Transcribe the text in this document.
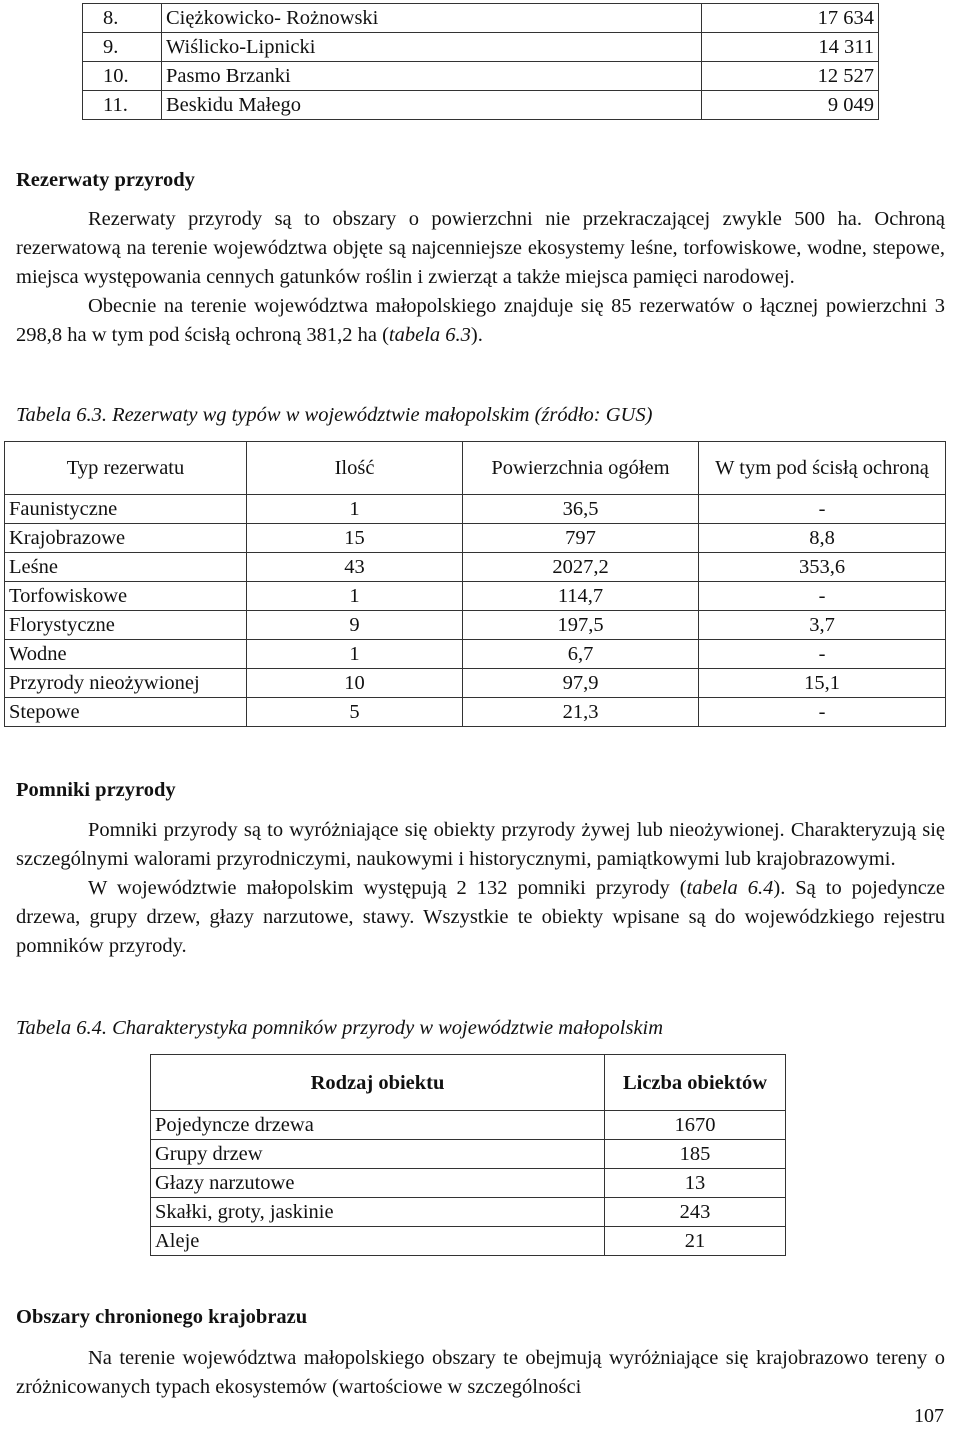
8.	Ciężkowicko- Rożnowski	17 634
9.	Wiślicko-Lipnicki	14 311
10.	Pasmo Brzanki	12 527
11.	Beskidu Małego	9 049
Rezerwaty przyrody

Rezerwaty przyrody są to obszary o powierzchni nie przekraczającej zwykle 500 ha. Ochroną rezerwatową na terenie województwa objęte są najcenniejsze ekosystemy leśne, torfowiskowe, wodne, stepowe, miejsca występowania cennych gatunków roślin i zwierząt a także miejsca pamięci narodowej.

Obecnie na terenie województwa małopolskiego znajduje się 85 rezerwatów o łącznej powierzchni 3 298,8 ha w tym pod ścisłą ochroną 381,2 ha (tabela 6.3).

Tabela 6.3. Rezerwaty wg typów w województwie małopolskim (źródło: GUS)
Typ rezerwatu	Ilość	Powierzchnia ogółem	W tym pod ścisłą ochroną
Faunistyczne	1	36,5	-
Krajobrazowe	15	797	8,8
Leśne	43	2027,2	353,6
Torfowiskowe	1	114,7	-
Florystyczne	9	197,5	3,7
Wodne	1	6,7	-
Przyrody nieożywionej	10	97,9	15,1
Stepowe	5	21,3	-
Pomniki przyrody

Pomniki przyrody są to wyróżniające się obiekty przyrody żywej lub nieożywionej. Charakteryzują się szczególnymi walorami przyrodniczymi, naukowymi i historycznymi, pamiątkowymi lub krajobrazowymi.

W województwie małopolskim występują 2 132 pomniki przyrody (tabela 6.4). Są to pojedyncze drzewa, grupy drzew, głazy narzutowe, stawy. Wszystkie te obiekty wpisane są do wojewódzkiego rejestru pomników przyrody.

Tabela 6.4. Charakterystyka pomników przyrody w województwie małopolskim
Rodzaj obiektu	Liczba obiektów
Pojedyncze drzewa	1670
Grupy drzew	185
Głazy narzutowe	13
Skałki, groty, jaskinie	243
Aleje	21
Obszary chronionego krajobrazu

Na terenie województwa małopolskiego obszary te obejmują wyróżniające się krajobrazowo tereny o zróżnicowanych typach ekosystemów (wartościowe w szczególności

107
